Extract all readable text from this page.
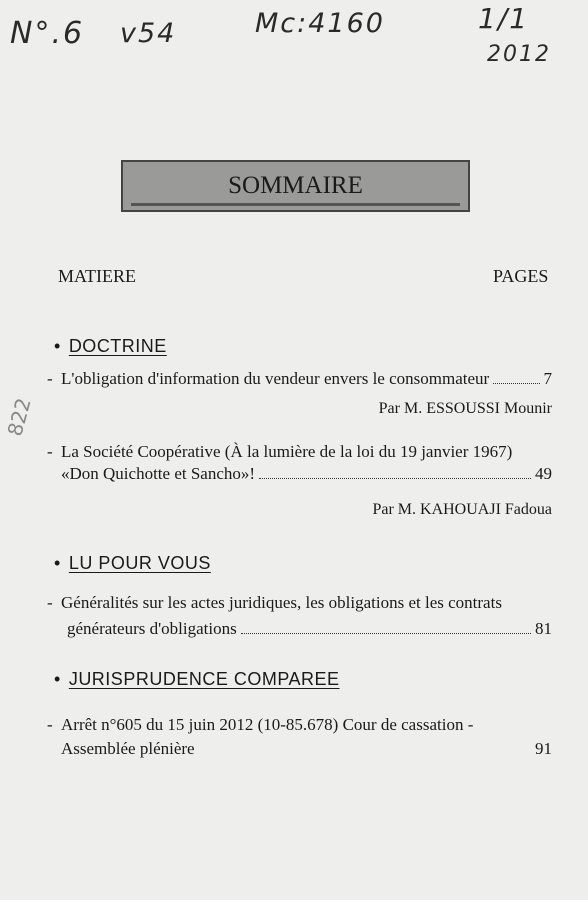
N°.6 v54	Mc:4160	1/1
2012
822
SOMMAIRE
MATIERE	PAGES
• DOCTRINE
- L'obligation d'information du vendeur envers le consommateur	7
Par M. ESSOUSSI Mounir
- La Société Coopérative (À la lumière de la loi du 19 janvier 1967)
«Don Quichotte et Sancho»!	49
Par M. KAHOUAJI Fadoua
• LU POUR VOUS
- Généralités sur les actes juridiques, les obligations et les contrats
générateurs d'obligations	81
• JURISPRUDENCE COMPAREE
- Arrêt n°605 du 15 juin 2012 (10-85.678) Cour de cassation -
Assemblée plénière	91
